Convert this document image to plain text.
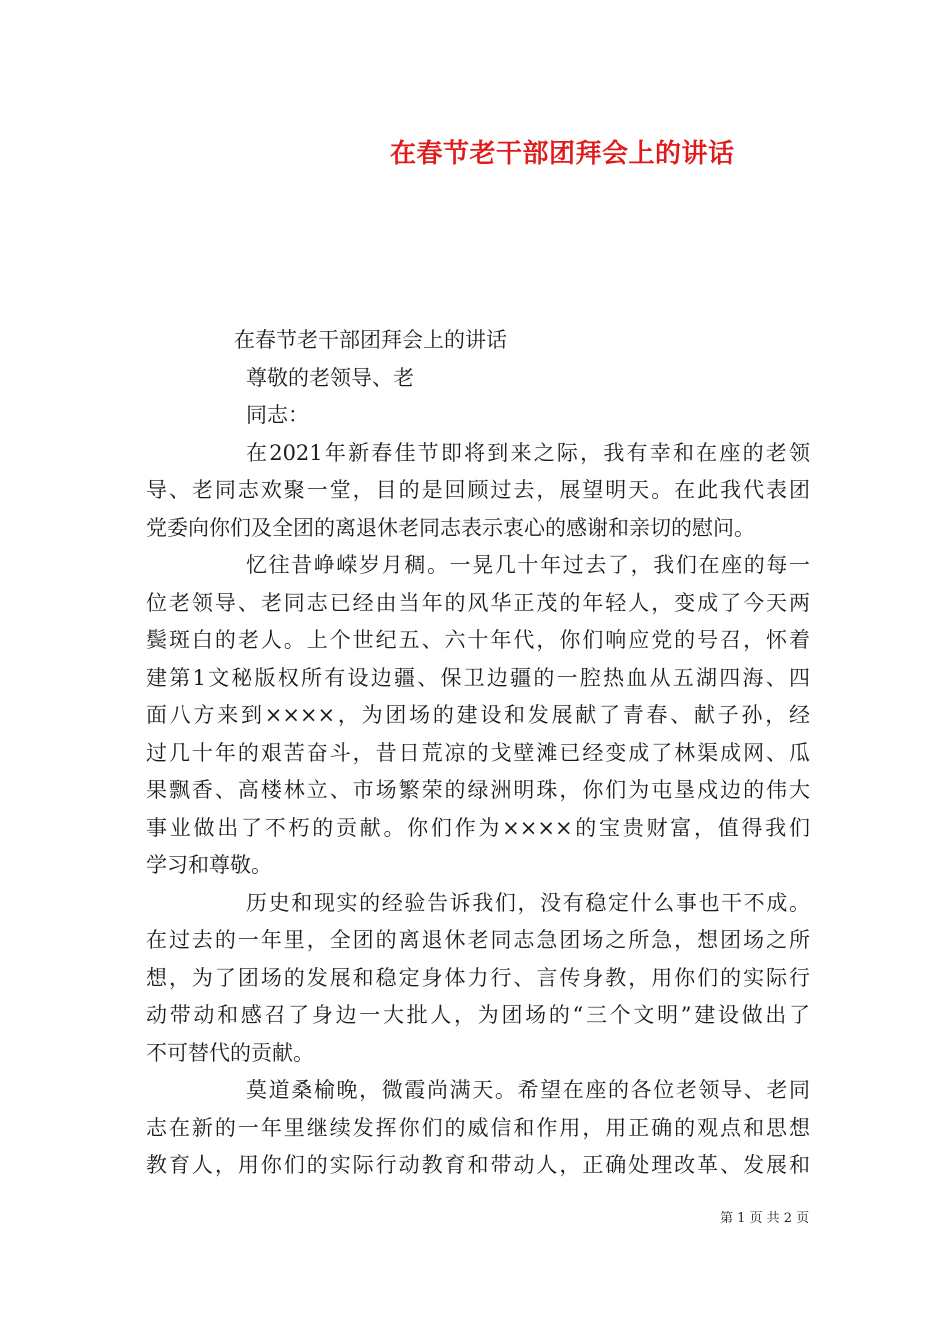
在春节老干部团拜会上的讲话
在春节老干部团拜会上的讲话
尊敬的老领导、老
同志：
在2021年新春佳节即将到来之际，我有幸和在座的老领
导、老同志欢聚一堂，目的是回顾过去，展望明天。在此我代表团
党委向你们及全团的离退休老同志表示衷心的感谢和亲切的慰问。
忆往昔峥嵘岁月稠。一晃几十年过去了，我们在座的每一
位老领导、老同志已经由当年的风华正茂的年轻人，变成了今天两
鬓斑白的老人。上个世纪五、六十年代，你们响应党的号召，怀着
建第1文秘版权所有设边疆、保卫边疆的一腔热血从五湖四海、四
面八方来到××××，为团场的建设和发展献了青春、献子孙，经
过几十年的艰苦奋斗，昔日荒凉的戈壁滩已经变成了林渠成网、瓜
果飘香、高楼林立、市场繁荣的绿洲明珠，你们为屯垦戍边的伟大
事业做出了不朽的贡献。你们作为××××的宝贵财富，值得我们
学习和尊敬。
历史和现实的经验告诉我们，没有稳定什么事也干不成。
在过去的一年里，全团的离退休老同志急团场之所急，想团场之所
想，为了团场的发展和稳定身体力行、言传身教，用你们的实际行
动带动和感召了身边一大批人，为团场的“三个文明”建设做出了
不可替代的贡献。
莫道桑榆晚，微霞尚满天。希望在座的各位老领导、老同
志在新的一年里继续发挥你们的威信和作用，用正确的观点和思想
教育人，用你们的实际行动教育和带动人，正确处理改革、发展和
第 1 页 共 2 页
